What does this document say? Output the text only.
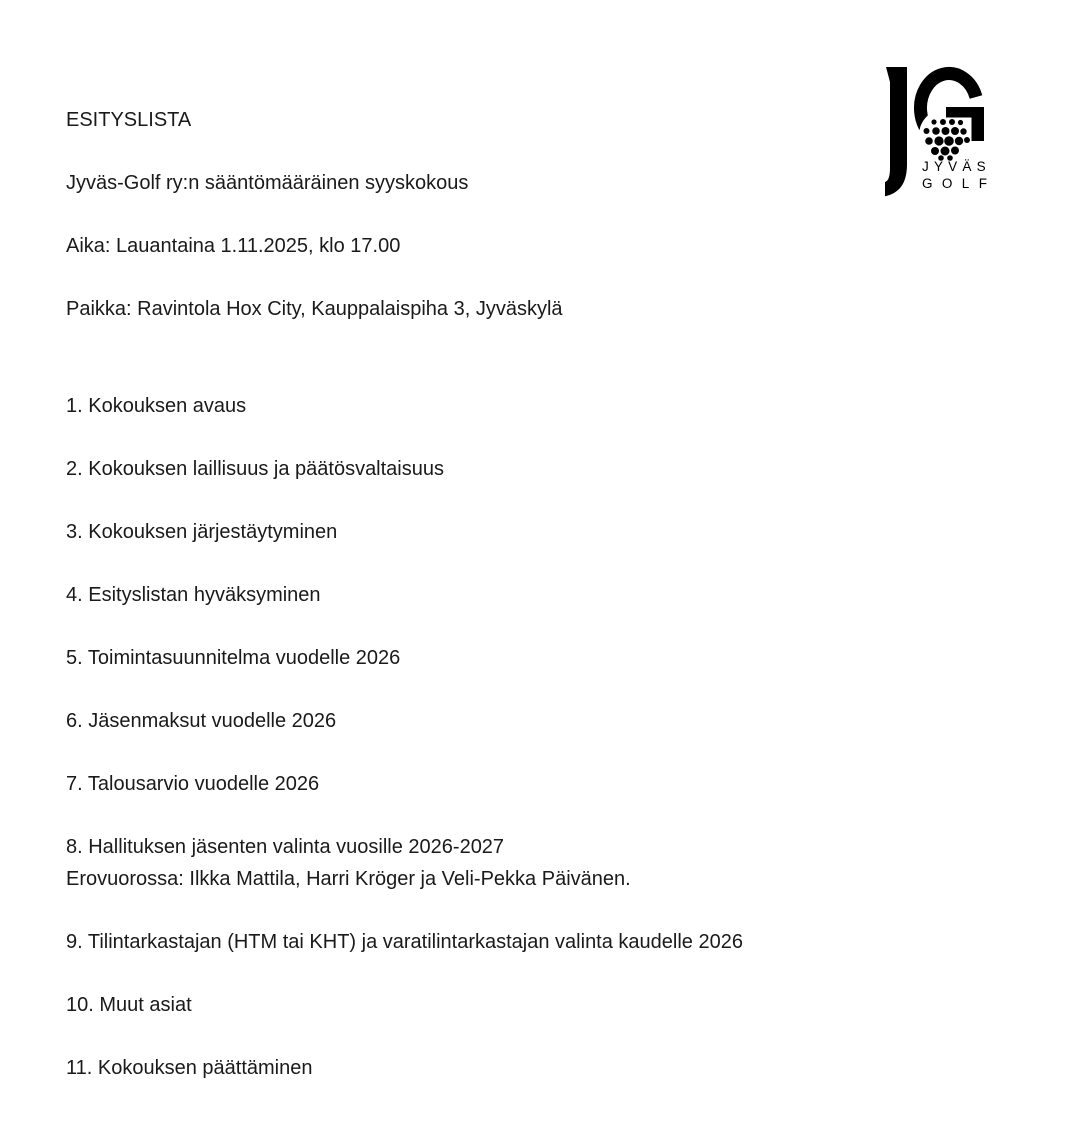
JYVÄS
GOLF

ESITYSLISTA

Jyväs-Golf ry:n sääntömääräinen syyskokous

Aika: Lauantaina 1.11.2025, klo 17.00

Paikka: Ravintola Hox City, Kauppalaispiha 3, Jyväskylä

1. Kokouksen avaus

2. Kokouksen laillisuus ja päätösvaltaisuus

3. Kokouksen järjestäytyminen

4. Esityslistan hyväksyminen

5. Toimintasuunnitelma vuodelle 2026

6. Jäsenmaksut vuodelle 2026

7. Talousarvio vuodelle 2026

8. Hallituksen jäsenten valinta vuosille 2026-2027

Erovuorossa: Ilkka Mattila, Harri Kröger ja Veli-Pekka Päivänen.

9. Tilintarkastajan (HTM tai KHT) ja varatilintarkastajan valinta kaudelle 2026

10. Muut asiat

11. Kokouksen päättäminen
